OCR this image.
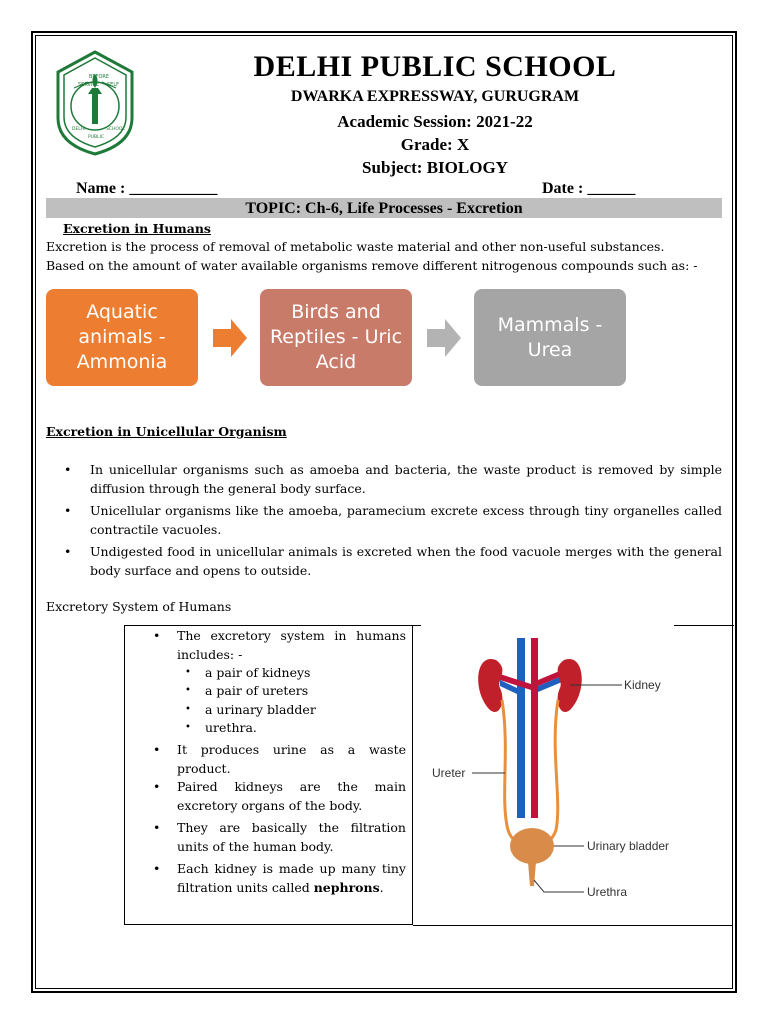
SERVICE
BEFORE
SELF
DELHI
PUBLIC
SCHOOL
DELHI PUBLIC SCHOOL
DWARKA EXPRESSWAY, GURUGRAM
Academic Session: 2021-22
Grade: X
Subject: BIOLOGY
Name : ___________	Date : ______
TOPIC: Ch-6, Life Processes - Excretion
Excretion in Humans
Excretion is the process of removal of metabolic waste material and other non-useful substances.
Based on the amount of water available organisms remove different nitrogenous compounds such as: -
Aquatic
animals -
Ammonia
Birds and
Reptiles - Uric
Acid
Mammals -
Urea
Excretion in Unicellular Organism
• In unicellular organisms such as amoeba and bacteria, the waste product is removed by simple diffusion through the general body surface.
• Unicellular organisms like the amoeba, paramecium excrete excess through tiny organelles called contractile vacuoles.
• Undigested food in unicellular animals is excreted when the food vacuole merges with the general body surface and opens to outside.
Excretory System of Humans
• The excretory system in humans includes: -
• a pair of kidneys
• a pair of ureters
• a urinary bladder
• urethra.
• It produces urine as a waste product.
• Paired kidneys are the main excretory organs of the body.
• They are basically the filtration units of the human body.
• Each kidney is made up many tiny filtration units called nephrons.
Kidney
Ureter
Urinary bladder
Urethra
